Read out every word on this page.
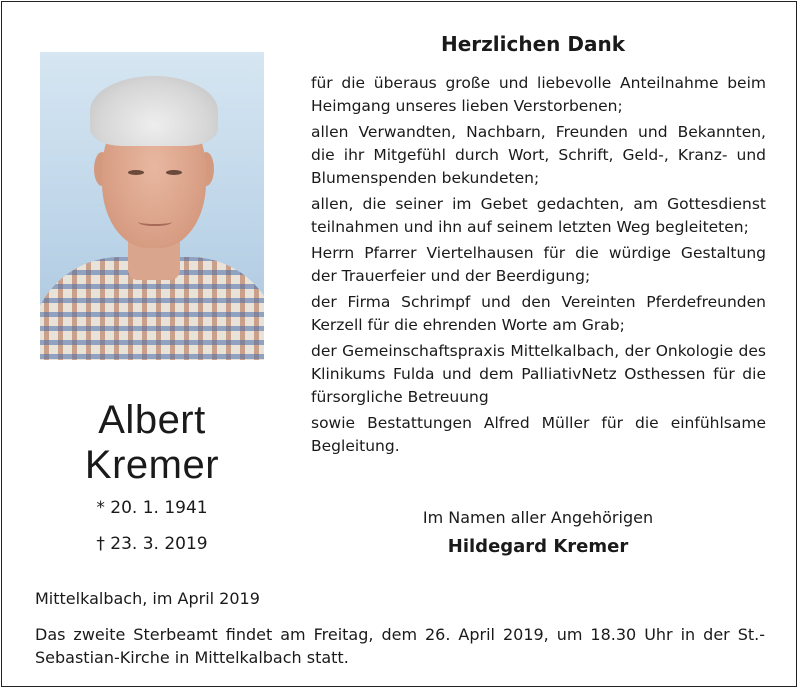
Albert
Kremer
* 20. 1. 1941
† 23. 3. 2019
Herzlichen Dank

für die überaus große und liebevolle Anteilnahme beim Heimgang unseres lieben Verstorbenen;

allen Verwandten, Nachbarn, Freunden und Bekannten, die ihr Mitgefühl durch Wort, Schrift, Geld-, Kranz- und Blumenspenden bekundeten;

allen, die seiner im Gebet gedachten, am Gottesdienst teilnahmen und ihn auf seinem letzten Weg begleiteten;

Herrn Pfarrer Viertelhausen für die würdige Gestaltung der Trauerfeier und der Beerdigung;

der Firma Schrimpf und den Vereinten Pferdefreunden Kerzell für die ehrenden Worte am Grab;

der Gemeinschaftspraxis Mittelkalbach, der Onkologie des Klinikums Fulda und dem PalliativNetz Osthessen für die fürsorgliche Betreuung

sowie Bestattungen Alfred Müller für die einfühlsame Begleitung.

Im Namen aller Angehörigen
Hildegard Kremer
Mittelkalbach, im April 2019
Das zweite Sterbeamt findet am Freitag, dem 26. April 2019, um 18.30 Uhr in der St.-Sebastian-Kirche in Mittelkalbach statt.
